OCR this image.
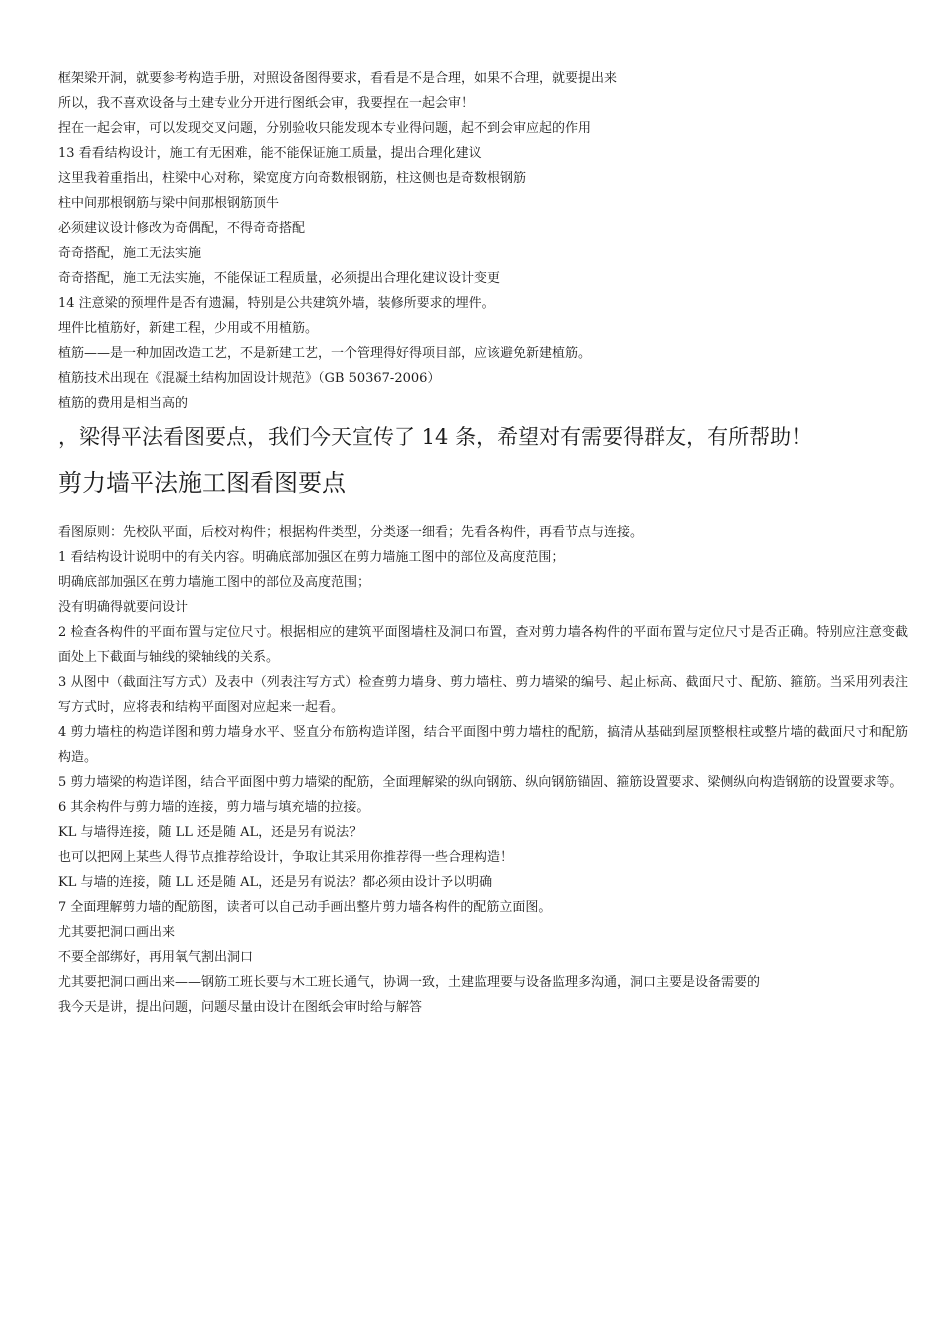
框架梁开洞，就要参考构造手册，对照设备图得要求，看看是不是合理，如果不合理，就要提出来

所以，我不喜欢设备与土建专业分开进行图纸会审，我要捏在一起会审！

捏在一起会审，可以发现交叉问题，分别验收只能发现本专业得问题，起不到会审应起的作用

13 看看结构设计，施工有无困难，能不能保证施工质量，提出合理化建议

这里我着重指出，柱梁中心对称，梁宽度方向奇数根钢筋，柱这侧也是奇数根钢筋

柱中间那根钢筋与梁中间那根钢筋顶牛

必须建议设计修改为奇偶配，不得奇奇搭配

奇奇搭配，施工无法实施

奇奇搭配，施工无法实施，不能保证工程质量，必须提出合理化建议设计变更

14 注意梁的预埋件是否有遗漏，特别是公共建筑外墙，装修所要求的埋件。

埋件比植筋好，新建工程，少用或不用植筋。

植筋——是一种加固改造工艺，不是新建工艺，一个管理得好得项目部，应该避免新建植筋。

植筋技术出现在《混凝土结构加固设计规范》（GB 50367-2006）

植筋的费用是相当高的

，梁得平法看图要点，我们今天宣传了 14 条，希望对有需要得群友，有所帮助！

剪力墙平法施工图看图要点

看图原则：先校队平面，后校对构件；根据构件类型，分类逐一细看；先看各构件，再看节点与连接。

1 看结构设计说明中的有关内容。明确底部加强区在剪力墙施工图中的部位及高度范围；

明确底部加强区在剪力墙施工图中的部位及高度范围；

没有明确得就要问设计

2 检查各构件的平面布置与定位尺寸。根据相应的建筑平面图墙柱及洞口布置，查对剪力墙各构件的平面布置与定位尺寸是否正确。特别应注意变截面处上下截面与轴线的梁轴线的关系。

3 从图中（截面注写方式）及表中（列表注写方式）检查剪力墙身、剪力墙柱、剪力墙梁的编号、起止标高、截面尺寸、配筋、箍筋。当采用列表注写方式时，应将表和结构平面图对应起来一起看。

4 剪力墙柱的构造详图和剪力墙身水平、竖直分布筋构造详图，结合平面图中剪力墙柱的配筋，搞清从基础到屋顶整根柱或整片墙的截面尺寸和配筋构造。

5 剪力墙梁的构造详图，结合平面图中剪力墙梁的配筋，全面理解梁的纵向钢筋、纵向钢筋锚固、箍筋设置要求、梁侧纵向构造钢筋的设置要求等。

6 其余构件与剪力墙的连接，剪力墙与填充墙的拉接。

KL 与墙得连接，随 LL 还是随 AL，还是另有说法？

也可以把网上某些人得节点推荐给设计，争取让其采用你推荐得一些合理构造！

KL 与墙的连接，随 LL 还是随 AL，还是另有说法？都必须由设计予以明确

7 全面理解剪力墙的配筋图，读者可以自己动手画出整片剪力墙各构件的配筋立面图。

尤其要把洞口画出来

不要全部绑好，再用氧气割出洞口

尤其要把洞口画出来——钢筋工班长要与木工班长通气，协调一致，土建监理要与设备监理多沟通，洞口主要是设备需要的

我今天是讲，提出问题，问题尽量由设计在图纸会审时给与解答
